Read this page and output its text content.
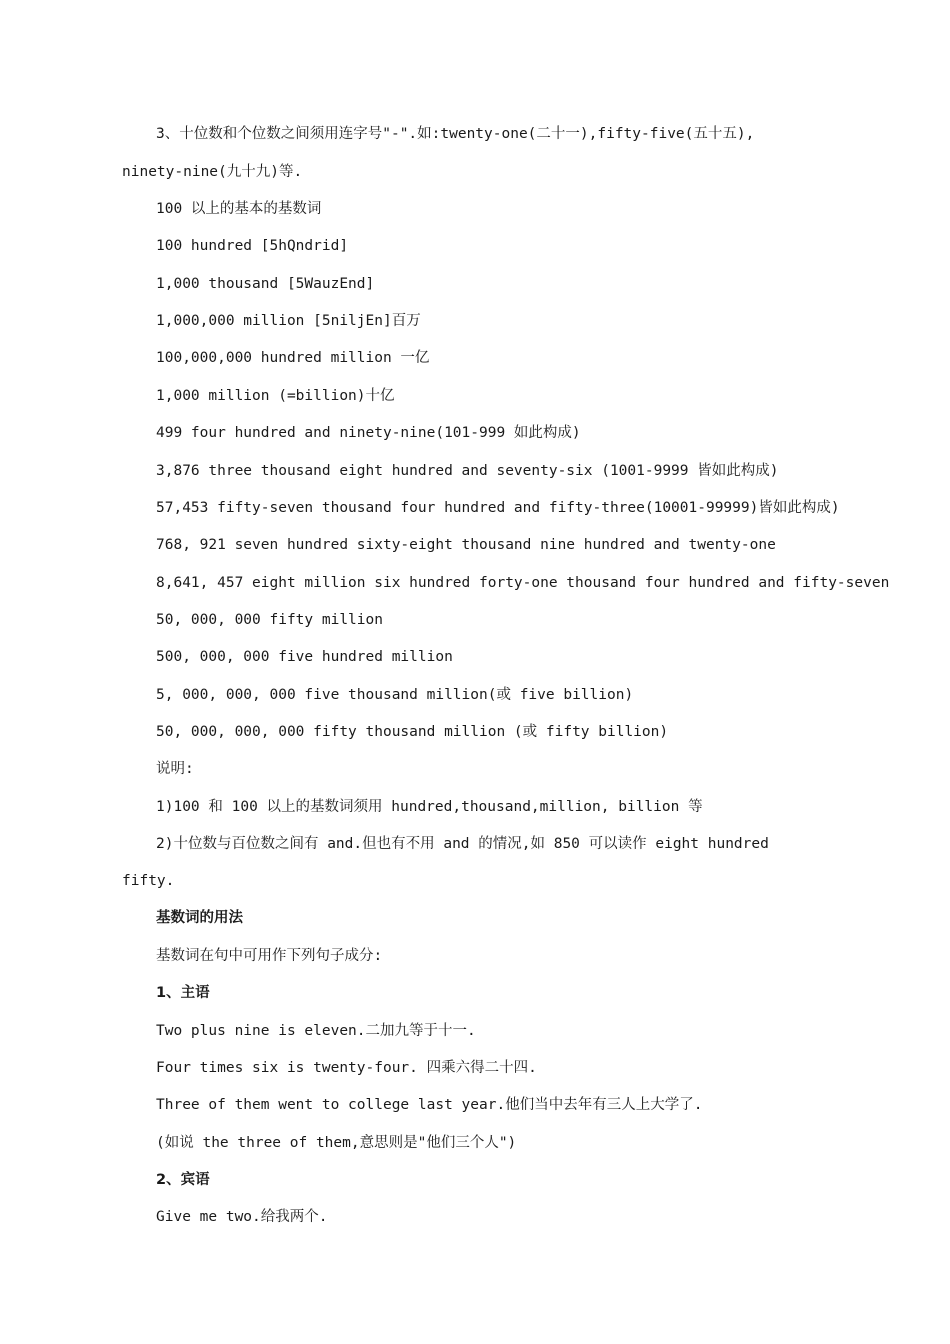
3、十位数和个位数之间须用连字号"-".如:twenty-one(二十一),fifty-five(五十五),
ninety-nine(九十九)等.
100 以上的基本的基数词
100 hundred [5hQndrid]
1,000 thousand [5WauzEnd]
1,000,000 million [5niljEn]百万
100,000,000 hundred million 一亿
1,000 million (=billion)十亿
499 four hundred and ninety-nine(101-999 如此构成)
3,876 three thousand eight hundred and seventy-six (1001-9999 皆如此构成)
57,453 fifty-seven thousand four hundred and fifty-three(10001-99999)皆如此构成)
768, 921 seven hundred sixty-eight thousand nine hundred and twenty-one
8,641, 457 eight million six hundred forty-one thousand four hundred and fifty-seven
50, 000, 000 fifty million
500, 000, 000 five hundred million
5, 000, 000, 000 five thousand million(或 five billion)
50, 000, 000, 000 fifty thousand million (或 fifty billion)
说明:
1)100 和 100 以上的基数词须用 hundred,thousand,million, billion 等
2)十位数与百位数之间有 and.但也有不用 and 的情况,如 850 可以读作 eight hundred
fifty.
基数词的用法
基数词在句中可用作下列句子成分:
1、主语
Two plus nine is eleven.二加九等于十一.
Four times six is twenty-four. 四乘六得二十四.
Three of them went to college last year.他们当中去年有三人上大学了.
(如说 the three of them,意思则是"他们三个人")
2、宾语
Give me two.给我两个.
